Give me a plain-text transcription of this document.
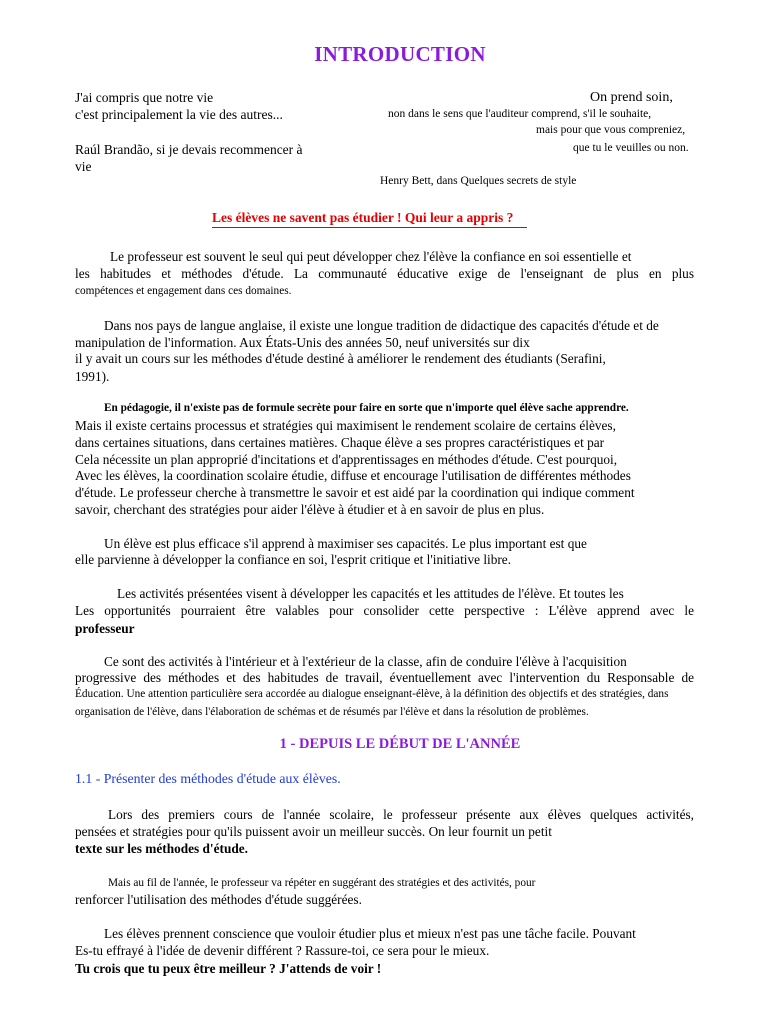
INTRODUCTION
J'ai compris que notre vie
c'est principalement la vie des autres...
Raúl Brandão, si je devais recommencer à
vie
On prend soin,
non dans le sens que l'auditeur comprend, s'il le souhaite,
mais pour que vous compreniez,
que tu le veuilles ou non.
Henry Bett, dans Quelques secrets de style
Les élèves ne savent pas étudier ! Qui leur a appris ?
Le professeur est souvent le seul qui peut développer chez l'élève la confiance en soi essentielle et
les habitudes et méthodes d'étude. La communauté éducative exige de l'enseignant de plus en plus
compétences et engagement dans ces domaines.
Dans nos pays de langue anglaise, il existe une longue tradition de didactique des capacités d'étude et de
manipulation de l'information. Aux États-Unis des années 50, neuf universités sur dix
il y avait un cours sur les méthodes d'étude destiné à améliorer le rendement des étudiants (Serafini,
1991).
En pédagogie, il n'existe pas de formule secrète pour faire en sorte que n'importe quel élève sache apprendre.
Mais il existe certains processus et stratégies qui maximisent le rendement scolaire de certains élèves,
dans certaines situations, dans certaines matières. Chaque élève a ses propres caractéristiques et par
Cela nécessite un plan approprié d'incitations et d'apprentissages en méthodes d'étude. C'est pourquoi,
Avec les élèves, la coordination scolaire étudie, diffuse et encourage l'utilisation de différentes méthodes
d'étude. Le professeur cherche à transmettre le savoir et est aidé par la coordination qui indique comment
savoir, cherchant des stratégies pour aider l'élève à étudier et à en savoir de plus en plus.
Un élève est plus efficace s'il apprend à maximiser ses capacités. Le plus important est que
elle parvienne à développer la confiance en soi, l'esprit critique et l'initiative libre.
Les activités présentées visent à développer les capacités et les attitudes de l'élève. Et toutes les
Les opportunités pourraient être valables pour consolider cette perspective : L'élève apprend avec le
professeur
Ce sont des activités à l'intérieur et à l'extérieur de la classe, afin de conduire l'élève à l'acquisition
progressive des méthodes et des habitudes de travail, éventuellement avec l'intervention du Responsable de
Éducation. Une attention particulière sera accordée au dialogue enseignant-élève, à la définition des objectifs et des stratégies, dans
organisation de l'élève, dans l'élaboration de schémas et de résumés par l'élève et dans la résolution de problèmes.
1 - DEPUIS LE DÉBUT DE L'ANNÉE
1.1 - Présenter des méthodes d'étude aux élèves.
Lors des premiers cours de l'année scolaire, le professeur présente aux élèves quelques activités,
pensées et stratégies pour qu'ils puissent avoir un meilleur succès. On leur fournit un petit
texte sur les méthodes d'étude.
Mais au fil de l'année, le professeur va répéter en suggérant des stratégies et des activités, pour
renforcer l'utilisation des méthodes d'étude suggérées.
Les élèves prennent conscience que vouloir étudier plus et mieux n'est pas une tâche facile. Pouvant
Es-tu effrayé à l'idée de devenir différent ? Rassure-toi, ce sera pour le mieux.
Tu crois que tu peux être meilleur ? J'attends de voir !
